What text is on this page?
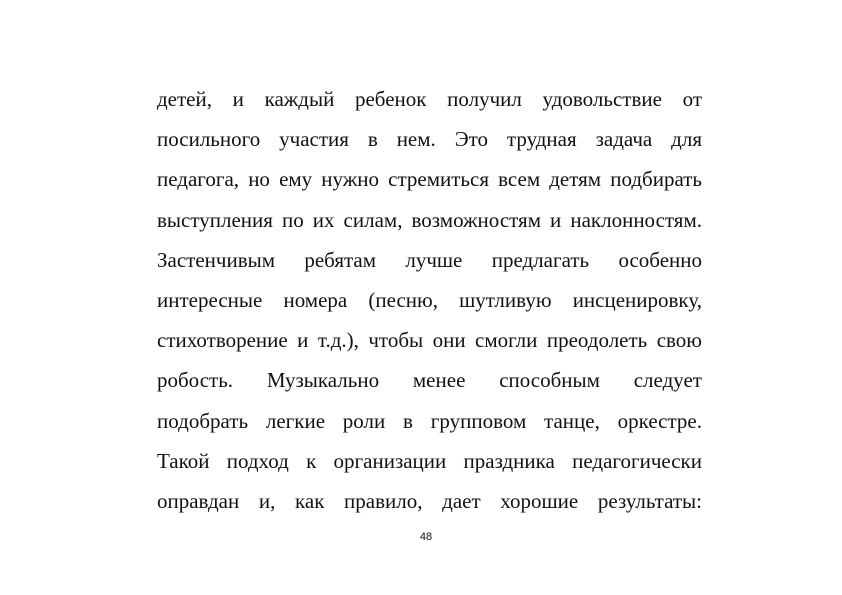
детей, и каждый ребенок получил удовольствие от
посильного участия в нем. Это трудная задача для
педагога, но ему нужно стремиться всем детям подбирать
выступления по их силам, возможностям и наклонностям.
Застенчивым ребятам лучше предлагать особенно
интересные номера (песню, шутливую инсценировку,
стихотворение и т.д.), чтобы они смогли преодолеть свою
робость. Музыкально менее способным следует
подобрать легкие роли в групповом танце, оркестре.
Такой подход к организации праздника педагогически
оправдан и, как правило, дает хорошие результаты:
48
